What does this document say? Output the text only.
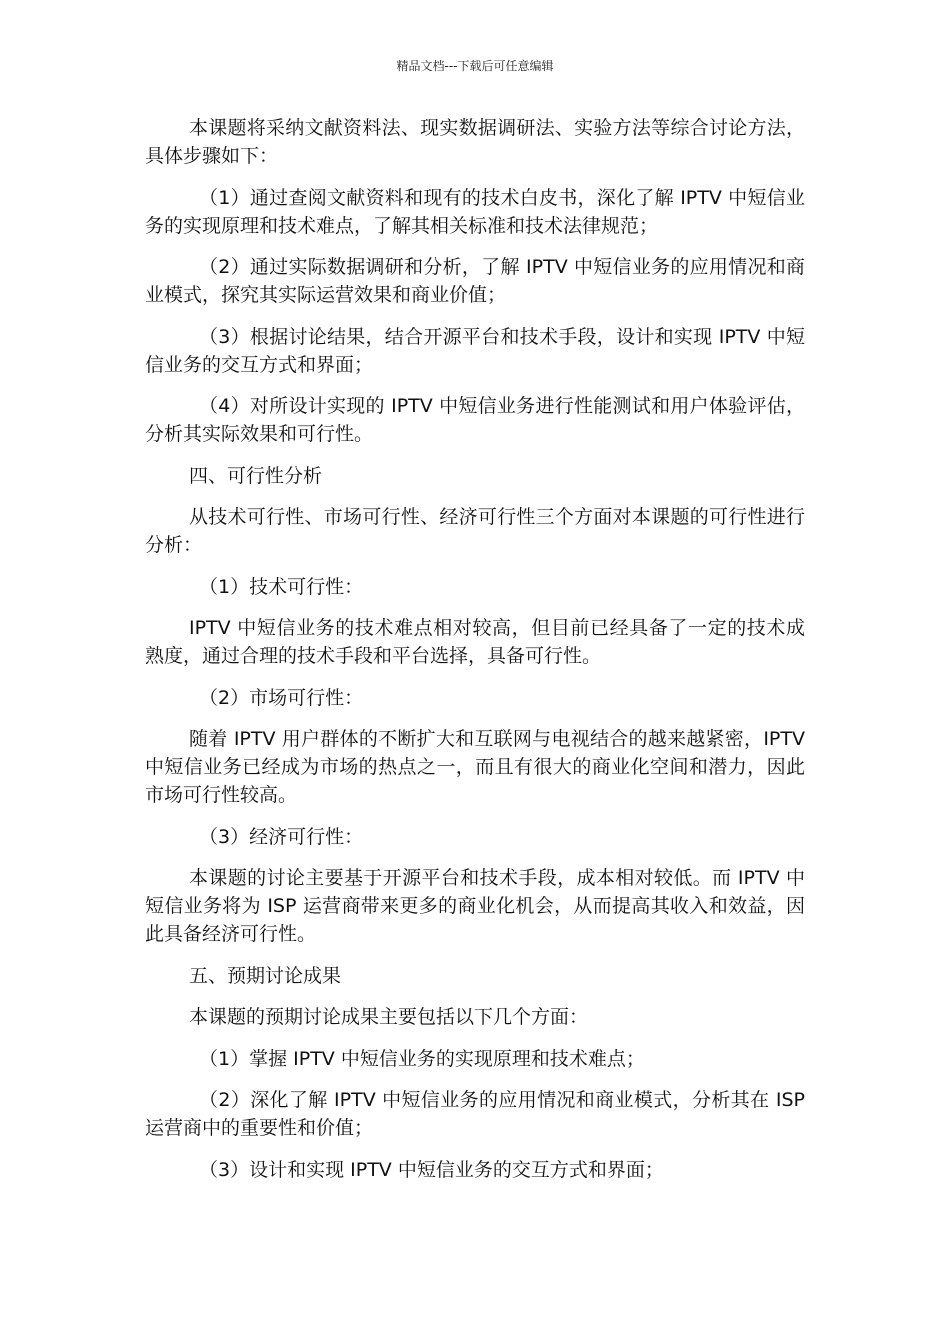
精品文档---下载后可任意编辑

本课题将采纳文献资料法、现实数据调研法、实验方法等综合讨论方法，具体步骤如下：

（1）通过查阅文献资料和现有的技术白皮书，深化了解 IPTV 中短信业务的实现原理和技术难点，了解其相关标准和技术法律规范；

（2）通过实际数据调研和分析，了解 IPTV 中短信业务的应用情况和商业模式，探究其实际运营效果和商业价值；

（3）根据讨论结果，结合开源平台和技术手段，设计和实现 IPTV 中短信业务的交互方式和界面；

（4）对所设计实现的 IPTV 中短信业务进行性能测试和用户体验评估，分析其实际效果和可行性。

四、可行性分析

从技术可行性、市场可行性、经济可行性三个方面对本课题的可行性进行分析：

（1）技术可行性：

IPTV 中短信业务的技术难点相对较高，但目前已经具备了一定的技术成熟度，通过合理的技术手段和平台选择，具备可行性。

（2）市场可行性：

随着 IPTV 用户群体的不断扩大和互联网与电视结合的越来越紧密，IPTV 中短信业务已经成为市场的热点之一，而且有很大的商业化空间和潜力，因此市场可行性较高。

（3）经济可行性：

本课题的讨论主要基于开源平台和技术手段，成本相对较低。而 IPTV 中短信业务将为 ISP 运营商带来更多的商业化机会，从而提高其收入和效益，因此具备经济可行性。

五、预期讨论成果

本课题的预期讨论成果主要包括以下几个方面：

（1）掌握 IPTV 中短信业务的实现原理和技术难点；

（2）深化了解 IPTV 中短信业务的应用情况和商业模式，分析其在 ISP 运营商中的重要性和价值；

（3）设计和实现 IPTV 中短信业务的交互方式和界面；
